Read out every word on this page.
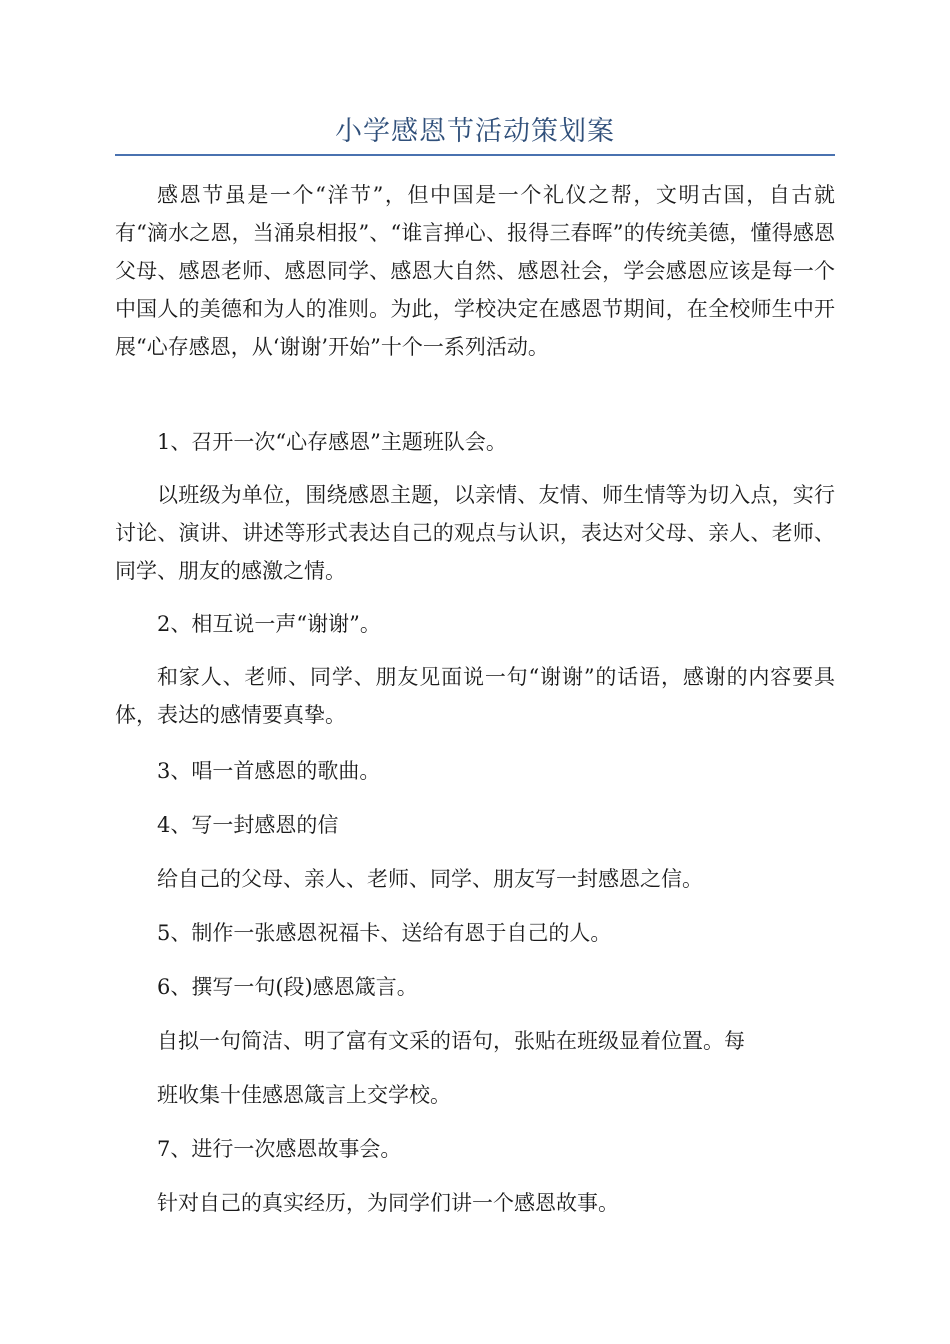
小学感恩节活动策划案

感恩节虽是一个“洋节”，但中国是一个礼仪之帮，文明古国，自古就有“滴水之恩，当涌泉相报”、“谁言掸心、报得三春晖”的传统美德，懂得感恩父母、感恩老师、感恩同学、感恩大自然、感恩社会，学会感恩应该是每一个中国人的美德和为人的准则。为此，学校决定在感恩节期间，在全校师生中开展“心存感恩，从‘谢谢’开始”十个一系列活动。

1、召开一次“心存感恩”主题班队会。

以班级为单位，围绕感恩主题，以亲情、友情、师生情等为切入点，实行讨论、演讲、讲述等形式表达自己的观点与认识，表达对父母、亲人、老师、同学、朋友的感激之情。

2、相互说一声“谢谢”。

和家人、老师、同学、朋友见面说一句“谢谢”的话语，感谢的内容要具体，表达的感情要真挚。

3、唱一首感恩的歌曲。

4、写一封感恩的信

给自己的父母、亲人、老师、同学、朋友写一封感恩之信。

5、制作一张感恩祝福卡、送给有恩于自己的人。

6、撰写一句(段)感恩箴言。

自拟一句简洁、明了富有文采的语句，张贴在班级显着位置。每

班收集十佳感恩箴言上交学校。

7、进行一次感恩故事会。

针对自己的真实经历，为同学们讲一个感恩故事。
